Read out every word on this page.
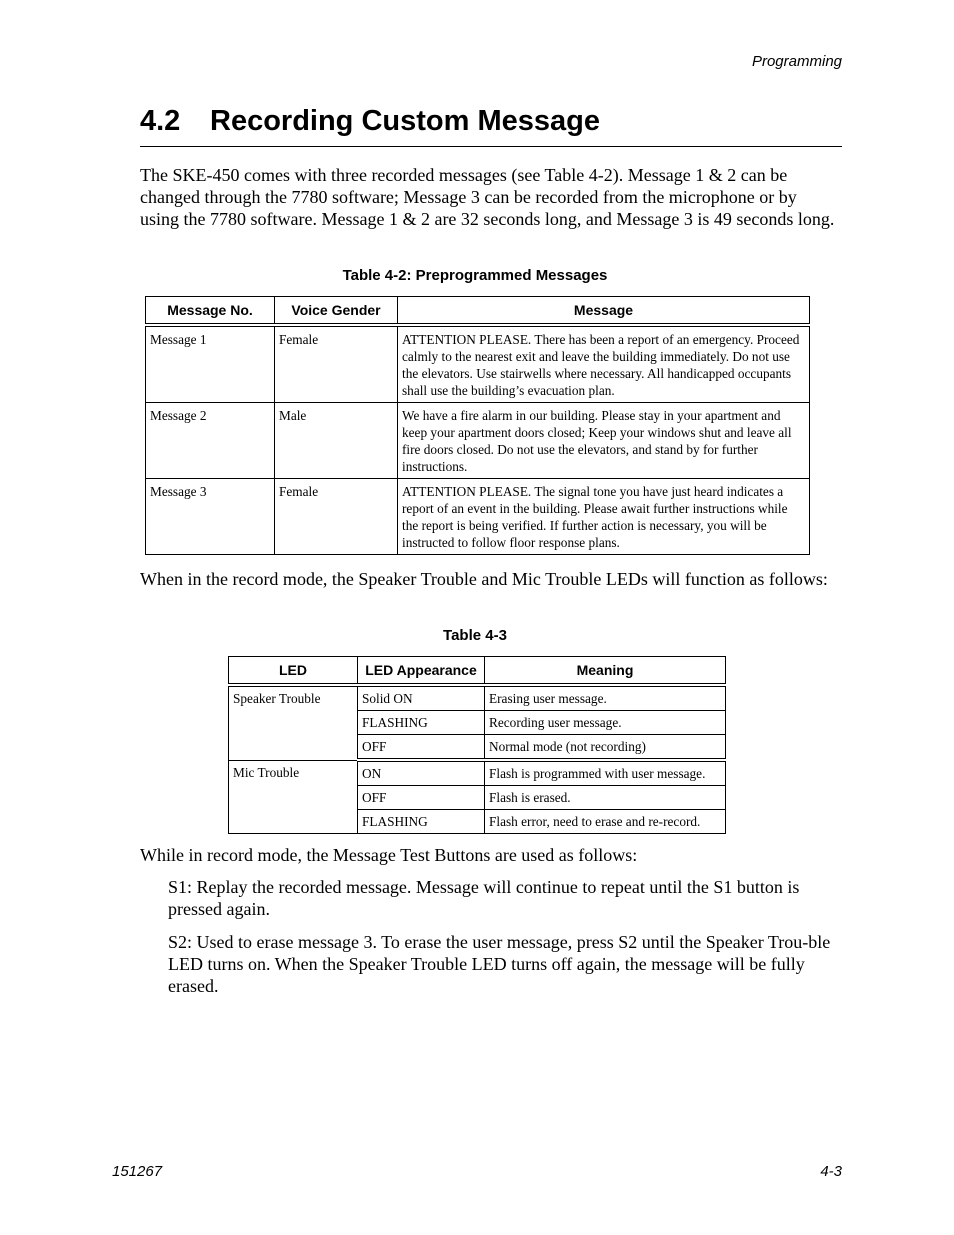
Programming
4.2 Recording Custom Message

The SKE-450 comes with three recorded messages (see Table 4-2). Message 1 & 2 can be changed through the 7780 software; Message 3 can be recorded from the microphone or by using the 7780 software. Message 1 & 2 are 32 seconds long, and Message 3 is 49 seconds long.

Table 4-2: Preprogrammed Messages
Message No.	Voice Gender	Message
Message 1	Female	ATTENTION PLEASE. There has been a report of an emergency. Proceed calmly to the nearest exit and leave the building immediately. Do not use the elevators. Use stairwells where necessary. All handicapped occupants shall use the building’s evacuation plan.
Message 2	Male	We have a fire alarm in our building. Please stay in your apartment and keep your apartment doors closed; Keep your windows shut and leave all fire doors closed. Do not use the elevators, and stand by for further instructions.
Message 3	Female	ATTENTION PLEASE. The signal tone you have just heard indicates a report of an event in the building. Please await further instructions while the report is being verified. If further action is necessary, you will be instructed to follow floor response plans.

When in the record mode, the Speaker Trouble and Mic Trouble LEDs will function as follows:

Table 4-3
LED	LED Appearance	Meaning
Speaker Trouble	Solid ON	Erasing user message.
	FLASHING	Recording user message.
	OFF	Normal mode (not recording)
Mic Trouble	ON	Flash is programmed with user message.
	OFF	Flash is erased.
	FLASHING	Flash error, need to erase and re-record.

While in record mode, the Message Test Buttons are used as follows:

S1: Replay the recorded message. Message will continue to repeat until the S1 button is pressed again.

S2: Used to erase message 3. To erase the user message, press S2 until the Speaker Trou-ble LED turns on. When the Speaker Trouble LED turns off again, the message will be fully erased.

151267	4-3
